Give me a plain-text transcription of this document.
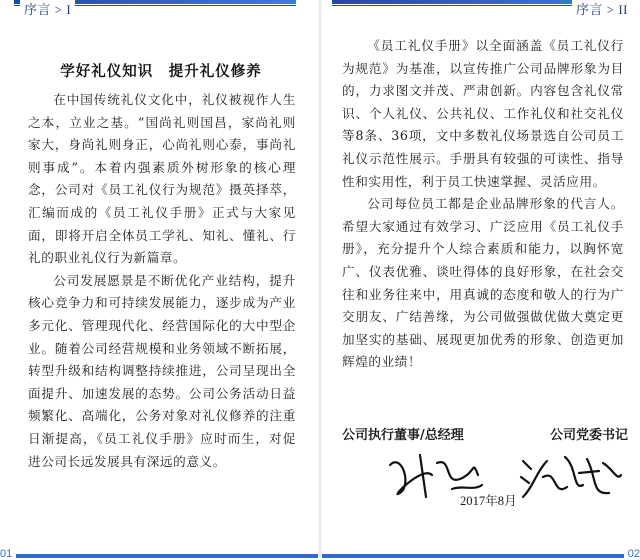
序言 > I
学好礼仪知识　提升礼仪修养

在中国传统礼仪文化中，礼仪被视作人生之本，立业之基。“国尚礼则国昌，家尚礼则家大，身尚礼则身正，心尚礼则心泰，事尚礼则事成”。本着内强素质外树形象的核心理念，公司对《员工礼仪行为规范》摄英择萃，汇编而成的《员工礼仪手册》正式与大家见面，即将开启全体员工学礼、知礼、懂礼、行礼的职业礼仪行为新篇章。

公司发展愿景是不断优化产业结构，提升核心竞争力和可持续发展能力，逐步成为产业多元化、管理现代化、经营国际化的大中型企业。随着公司经营规模和业务领域不断拓展，转型升级和结构调整持续推进，公司呈现出全面提升、加速发展的态势。公司公务活动日益频繁化、高端化，公务对象对礼仪修养的注重日渐提高，《员工礼仪手册》应时而生，对促进公司长远发展具有深远的意义。

01
序言 > II

《员工礼仪手册》以全面涵盖《员工礼仪行为规范》为基准，以宣传推广公司品牌形象为目的，力求图文并茂、严肃创新。内容包含礼仪常识、个人礼仪、公共礼仪、工作礼仪和社交礼仪等8条、36项，文中多数礼仪场景选自公司员工礼仪示范性展示。手册具有较强的可读性、指导性和实用性，利于员工快速掌握、灵活应用。

公司每位员工都是企业品牌形象的代言人。希望大家通过有效学习、广泛应用《员工礼仪手册》，充分提升个人综合素质和能力，以胸怀宽广、仪表优雅、谈吐得体的良好形象，在社会交往和业务往来中，用真诚的态度和敬人的行为广交朋友、广结善缘，为公司做强做优做大奠定更加坚实的基础、展现更加优秀的形象、创造更加辉煌的业绩！

公司执行董事/总经理	公司党委书记
2017年8月
02
